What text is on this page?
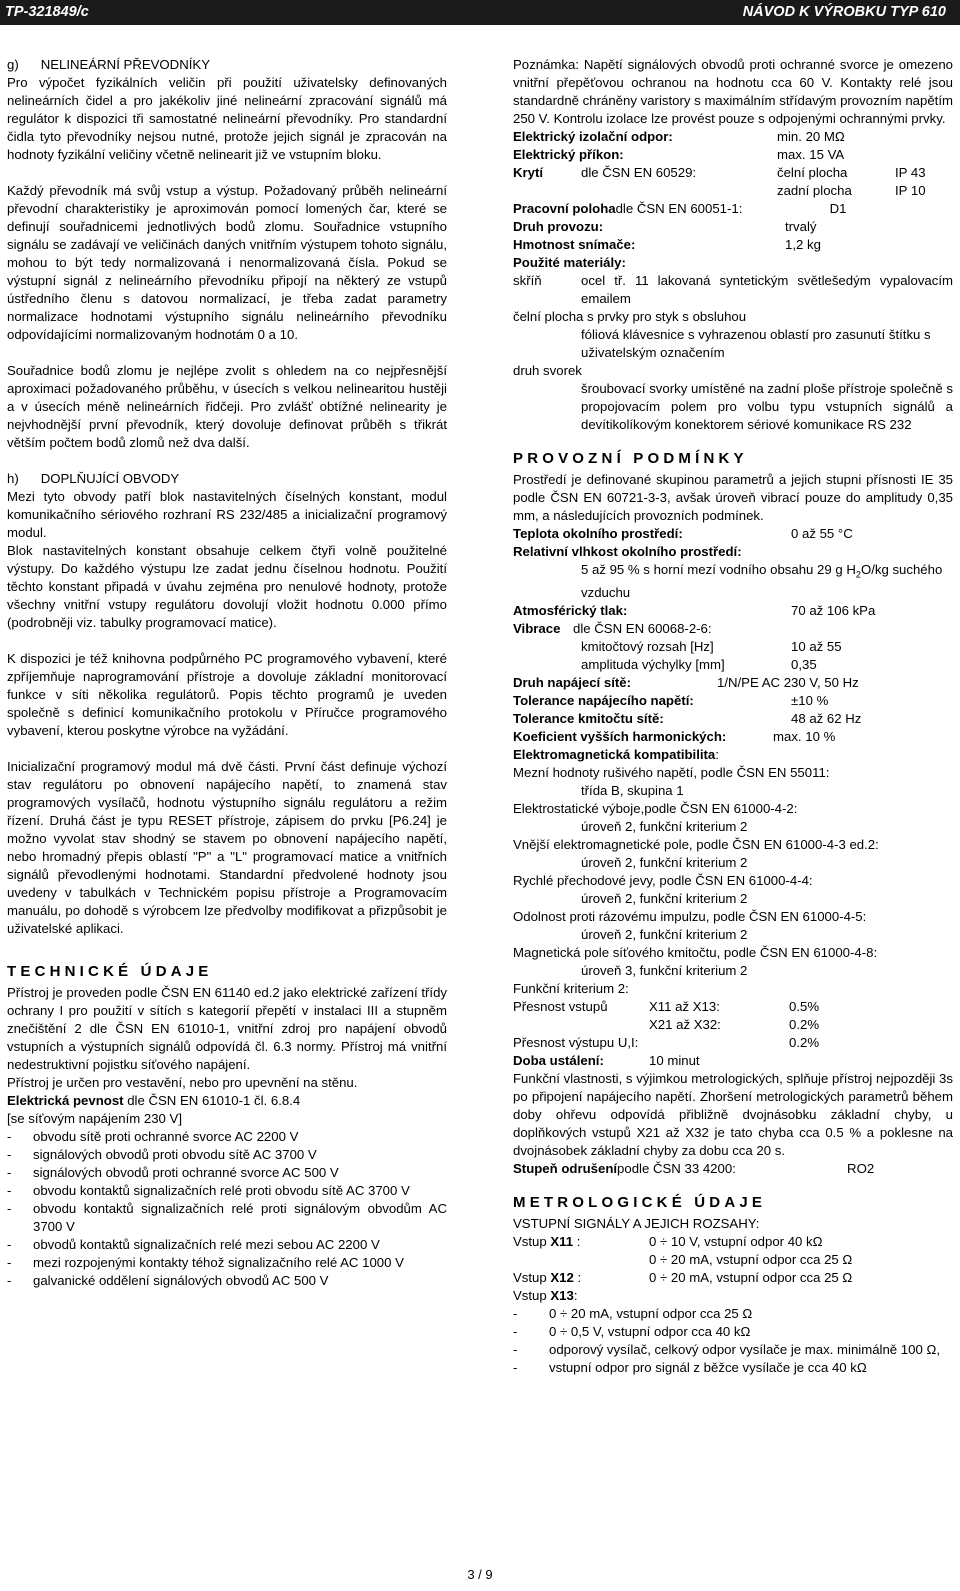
TP-321849/c	NÁVOD K VÝROBKU TYP 610

g)      NELINEÁRNÍ PŘEVODNÍKY

Pro výpočet fyzikálních veličin při použití uživatelsky definovaných nelineárních čidel a pro jakékoliv jiné nelineární zpracování signálů má regulátor k dispozici tři samostatné nelineární převodníky. Pro standardní čidla tyto převodníky nejsou nutné, protože jejich signál je zpracován na hodnoty fyzikální veličiny včetně nelinearit již ve vstupním bloku.

Každý převodník má svůj vstup a výstup. Požadovaný průběh nelineární převodní charakteristiky je aproximován pomocí lomených čar, které se definují souřadnicemi jednotlivých bodů zlomu. Souřadnice vstupního signálu se zadávají ve veličinách daných vnitřním výstupem tohoto signálu, mohou to být tedy normalizovaná i nenormalizovaná čísla. Pokud se výstupní signál z nelineárního převodníku připojí na některý ze vstupů ústředního členu s datovou normalizací, je třeba zadat parametry normalizace hodnotami výstupního signálu nelineárního převodníku odpovídajícími normalizovaným hodnotám 0 a 10.

Souřadnice bodů zlomu je nejlépe zvolit s ohledem na co nejpřesnější aproximaci požadovaného průběhu, v úsecích s velkou nelinearitou hustěji a v úsecích méně nelineárních řidčeji. Pro zvlášť obtížné nelinearity je nejvhodnější první převodník, který dovoluje definovat průběh s třikrát větším počtem bodů zlomů než dva další.

h)      DOPLŇUJÍCÍ OBVODY

Mezi tyto obvody patří blok nastavitelných číselných konstant, modul komunikačního sériového rozhraní RS 232/485 a inicializační programový modul.

Blok nastavitelných konstant obsahuje celkem čtyři volně použitelné výstupy. Do každého výstupu lze zadat jednu číselnou hodnotu. Použití těchto konstant připadá v úvahu zejména pro nenulové hodnoty, protože všechny vnitřní vstupy regulátoru dovolují vložit hodnotu 0.000 přímo (podrobněji viz. tabulky programovací matice).

K dispozici je též knihovna podpůrného PC programového vybavení, které zpříjemňuje naprogramování přístroje a dovoluje základní monitorovací funkce v síti několika regulátorů. Popis těchto programů je uveden společně s definicí komunikačního protokolu v Příručce programového vybavení, kterou poskytne výrobce na vyžádání.

Inicializační programový modul má dvě části. První část definuje výchozí stav regulátoru po obnovení napájecího napětí, to znamená stav programových vysílačů, hodnotu výstupního signálu regulátoru a režim řízení. Druhá část je typu RESET přístroje, zápisem do prvku [P6.24] je možno vyvolat stav shodný se stavem po obnovení napájecího napětí, nebo hromadný přepis oblastí "P" a "L" programovací matice a vnitřních signálů převodlenými hodnotami. Standardní předvolené hodnoty jsou uvedeny v tabulkách v Technickém popisu přístroje a Programovacím manuálu, po dohodě s výrobcem lze předvolby modifikovat a přizpůsobit je uživatelské aplikaci.

TECHNICKÉ ÚDAJE

Přístroj je proveden podle ČSN EN 61140 ed.2 jako elektrické zařízení třídy ochrany I pro použití v sítích s kategorií přepětí v instalaci III a stupněm znečištění 2 dle ČSN EN 61010-1, vnitřní zdroj pro napájení obvodů vstupních a výstupních signálů odpovídá čl. 6.3 normy. Přístroj má vnitřní nedestruktivní pojistku síťového napájení.

Přístroj je určen pro vestavění, nebo pro upevnění na stěnu.

Elektrická pevnost dle ČSN EN 61010-1 čl. 6.8.4

[se síťovým napájením 230 V]

-	obvodu sítě proti ochranné svorce AC 2200 V
-	signálových obvodů proti obvodu sítě AC 3700 V
-	signálových obvodů proti ochranné svorce AC 500 V
-	obvodu kontaktů signalizačních relé proti obvodu sítě AC 3700 V
-	obvodu kontaktů signalizačních relé proti signálovým obvodům AC 3700 V
-	obvodů kontaktů signalizačních relé mezi sebou AC 2200 V
-	mezi rozpojenými kontakty téhož signalizačního relé AC 1000 V
-	galvanické oddělení signálových obvodů AC 500 V

Poznámka: Napětí signálových obvodů proti ochranné svorce je omezeno vnitřní přepěťovou ochranou na hodnotu cca 60 V. Kontakty relé jsou standardně chráněny varistory s maximálním střídavým provozním napětím 250 V. Kontrolu izolace lze provést pouze s odpojenými ochrannými prvky.

Elektrický izolační odpor:	min. 20 MΩ
Elektrický příkon:	max. 15 VA
Krytí	dle ČSN EN 60529:	čelní plocha	IP 43
zadní plocha	IP 10
Pracovní poloha dle ČSN EN 60051-1:	D1
Druh provozu:	trvalý
Hmotnost snímače:	1,2 kg

Použité materiály:

skříň	ocel tř. 11 lakovaná syntetickým světlešedým vypalovacím emailem

čelní plocha s prvky pro styk s obsluhou

fóliová klávesnice s vyhrazenou oblastí pro zasunutí štítku s uživatelským označením

druh svorek

šroubovací svorky umístěné na zadní ploše přístroje společně s propojovacím polem pro volbu typu vstupních signálů a devítikolíkovým konektorem sériové komunikace RS 232

PROVOZNÍ PODMÍNKY

Prostředí je definované skupinou parametrů a jejich stupni přísnosti IE 35 podle ČSN EN 60721-3-3, avšak úroveň vibrací pouze do amplitudy 0,35 mm, a následujících provozních podmínek.

Teplota okolního prostředí:	0 až 55 °C

Relativní vlhkost okolního prostředí:

5 až 95 % s horní mezí vodního obsahu 29 g $H_2O/kg$ suchého vzduchu

Atmosférický tlak:	70 až 106 kPa
Vibrace dle ČSN EN 60068-2-6:
kmitočtový rozsah [Hz]	10 až 55
amplituda výchylky [mm]	0,35
Druh napájecí sítě:	1/N/PE AC 230 V, 50 Hz
Tolerance napájecího napětí:	±10 %
Tolerance kmitočtu sítě:	48 až 62 Hz
Koeficient vyšších harmonických:	max. 10 %

Elektromagnetická kompatibilita:

Mezní hodnoty rušivého napětí, podle ČSN EN 55011:

třída B, skupina 1

Elektrostatické výboje,podle ČSN EN 61000-4-2:

úroveň 2, funkční kriterium 2

Vnější elektromagnetické pole, podle ČSN EN 61000-4-3 ed.2:

úroveň 2, funkční kriterium 2

Rychlé přechodové jevy, podle ČSN EN 61000-4-4:

úroveň 2, funkční kriterium 2

Odolnost proti rázovému impulzu, podle ČSN EN 61000-4-5:

úroveň 2, funkční kriterium 2

Magnetická pole síťového kmitočtu, podle ČSN EN 61000-4-8:

úroveň 3, funkční kriterium 2

Funkční kriterium 2:

Přesnost vstupů	X11 až X13:	0.5%
X21 až X32:	0.2%
Přesnost výstupu U,I:	0.2%
Doba ustálení:	10 minut

Funkční vlastnosti, s výjimkou metrologických, splňuje přístroj nejpozději 3s po připojení napájecího napětí. Zhoršení metrologických parametrů během doby ohřevu odpovídá přibližně dvojnásobku základní chyby, u doplňkových vstupů X21 až X32 je tato chyba cca 0.5 % a poklesne na dvojnásobek základní chyby za dobu cca 20 s.

Stupeň odrušení podle ČSN 33 4200:	RO2
METROLOGICKÉ ÚDAJE

VSTUPNÍ SIGNÁLY A JEJICH ROZSAHY:

Vstup X11 :	0 ÷ 10 V, vstupní odpor 40 kΩ
0 ÷ 20 mA, vstupní odpor cca 25 Ω
Vstup X12 :	0 ÷ 20 mA, vstupní odpor cca 25 Ω

Vstup X13:

-	0 ÷ 20 mA, vstupní odpor cca 25 Ω
-	0 ÷ 0,5 V, vstupní odpor cca 40 kΩ
-	odporový vysílač, celkový odpor vysílače je max. minimálně 100 Ω,
-	vstupní odpor pro signál z běžce vysílače je cca 40 kΩ
3 / 9
